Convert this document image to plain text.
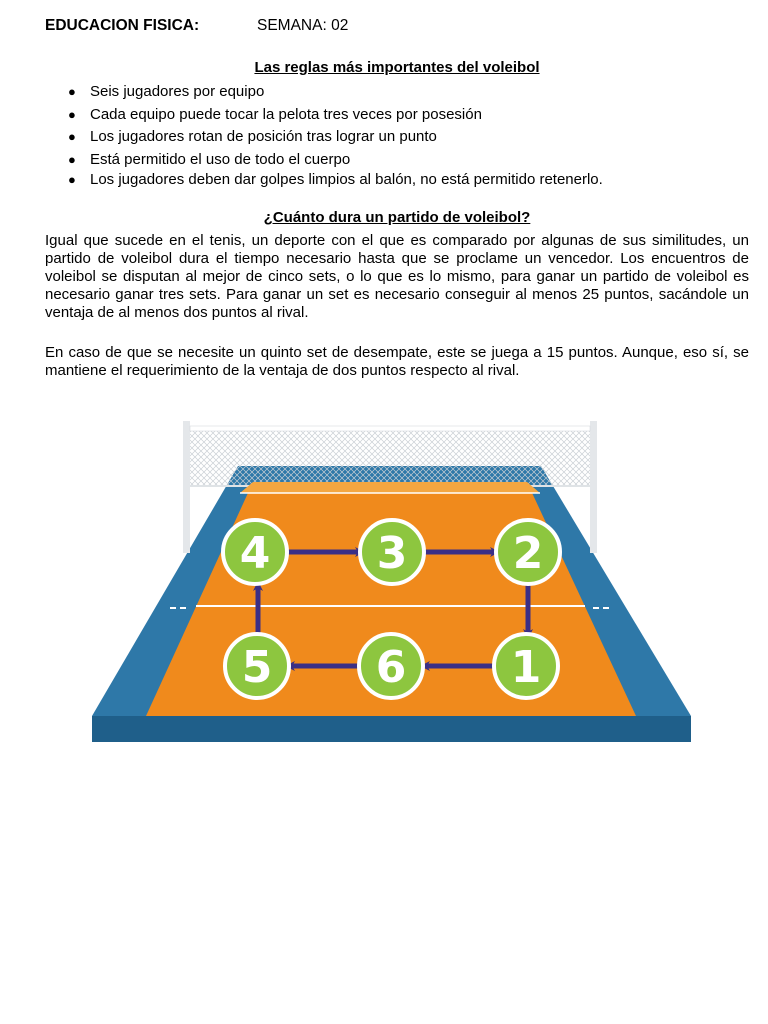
EDUCACION FISICA:	SEMANA: 02
Las reglas más importantes del voleibol
● Seis jugadores por equipo
● Cada equipo puede tocar la pelota tres veces por posesión
● Los jugadores rotan de posición tras lograr un punto
● Está permitido el uso de todo el cuerpo
● Los jugadores deben dar golpes limpios al balón, no está permitido retenerlo.
¿Cuánto dura un partido de voleibol?

Igual que sucede en el tenis, un deporte con el que es comparado por algunas de sus similitudes, un partido de voleibol dura el tiempo necesario hasta que se proclame un vencedor. Los encuentros de voleibol se disputan al mejor de cinco sets, o lo que es lo mismo, para ganar un partido de voleibol es necesario ganar tres sets. Para ganar un set es necesario conseguir al menos 25 puntos, sacándole un ventaja de al menos dos puntos al rival.

En caso de que se necesite un quinto set de desempate, este se juega a 15 puntos. Aunque, eso sí, se mantiene el requerimiento de la ventaja de dos puntos respecto al rival.

4 3 2
5 6 1
